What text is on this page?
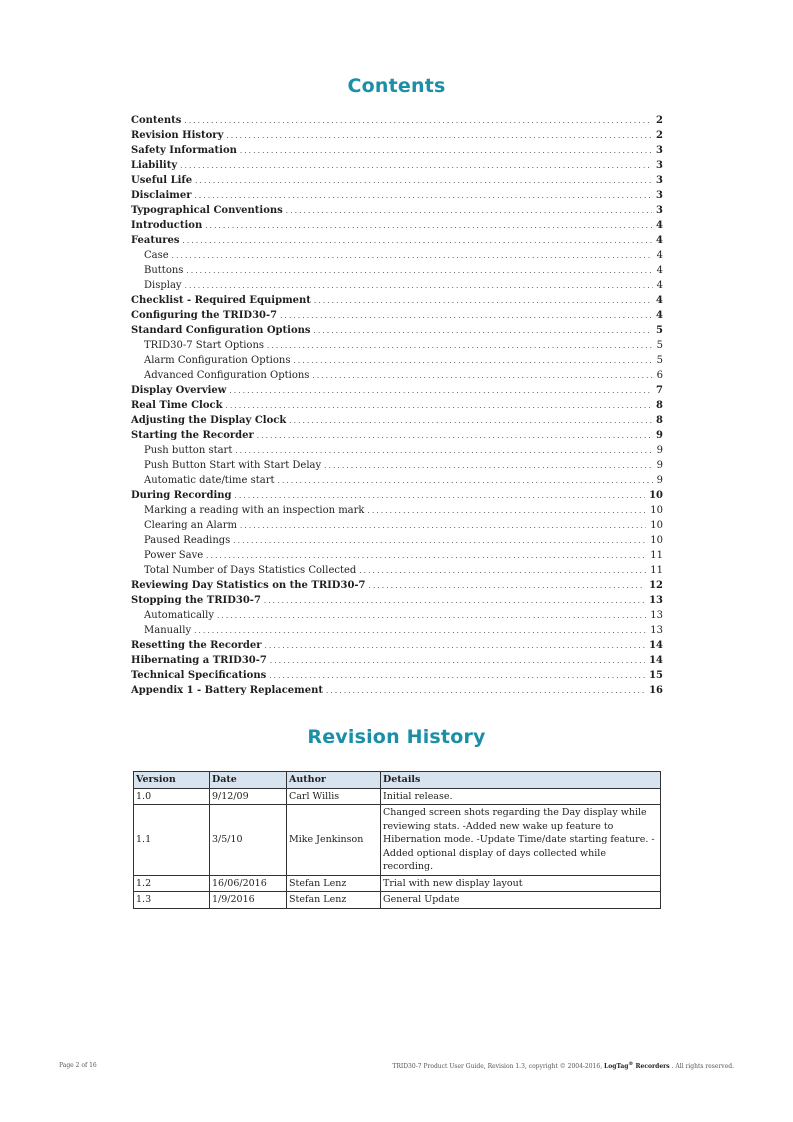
Contents
Contents . . .	2
Revision History . . .	2
Safety Information . . .	3
Liability . . .	3
Useful Life . . .	3
Disclaimer . . .	3
Typographical Conventions . . .	3
Introduction . . .	4
Features . . .	4
Case . . .	4
Buttons . . .	4
Display . . .	4
Checklist - Required Equipment . . .	4
Configuring the TRID30-7 . . .	4
Standard Configuration Options . . .	5
TRID30-7 Start Options . . .	5
Alarm Configuration Options . . .	5
Advanced Configuration Options . . .	6
Display Overview . . .	7
Real Time Clock . . .	8
Adjusting the Display Clock . . .	8
Starting the Recorder . . .	9
Push button start . . .	9
Push Button Start with Start Delay . . .	9
Automatic date/time start . . .	9
During Recording . . .	10
Marking a reading with an inspection mark . . .	10
Clearing an Alarm . . .	10
Paused Readings . . .	10
Power Save . . .	11
Total Number of Days Statistics Collected . . .	11
Reviewing Day Statistics on the TRID30-7 . . .	12
Stopping the TRID30-7 . . .	13
Automatically . . .	13
Manually . . .	13
Resetting the Recorder . . .	14
Hibernating a TRID30-7 . . .	14
Technical Specifications . . .	15
Appendix 1 - Battery Replacement . . .	16
Revision History
Version	Date	Author	Details
1.0	9/12/09	Carl Willis	Initial release.
1.1	3/5/10	Mike Jenkinson	Changed screen shots regarding the Day display while reviewing stats. -Added new wake up feature to Hibernation mode. -Update Time/date starting feature. -Added optional display of days collected while recording.
1.2	16/06/2016	Stefan Lenz	Trial with new display layout
1.3	1/9/2016	Stefan Lenz	General Update
Page 2 of 16	TRID30-7 Product User Guide, Revision 1.3, copyright © 2004-2016, LogTag® Recorders . All rights reserved.
